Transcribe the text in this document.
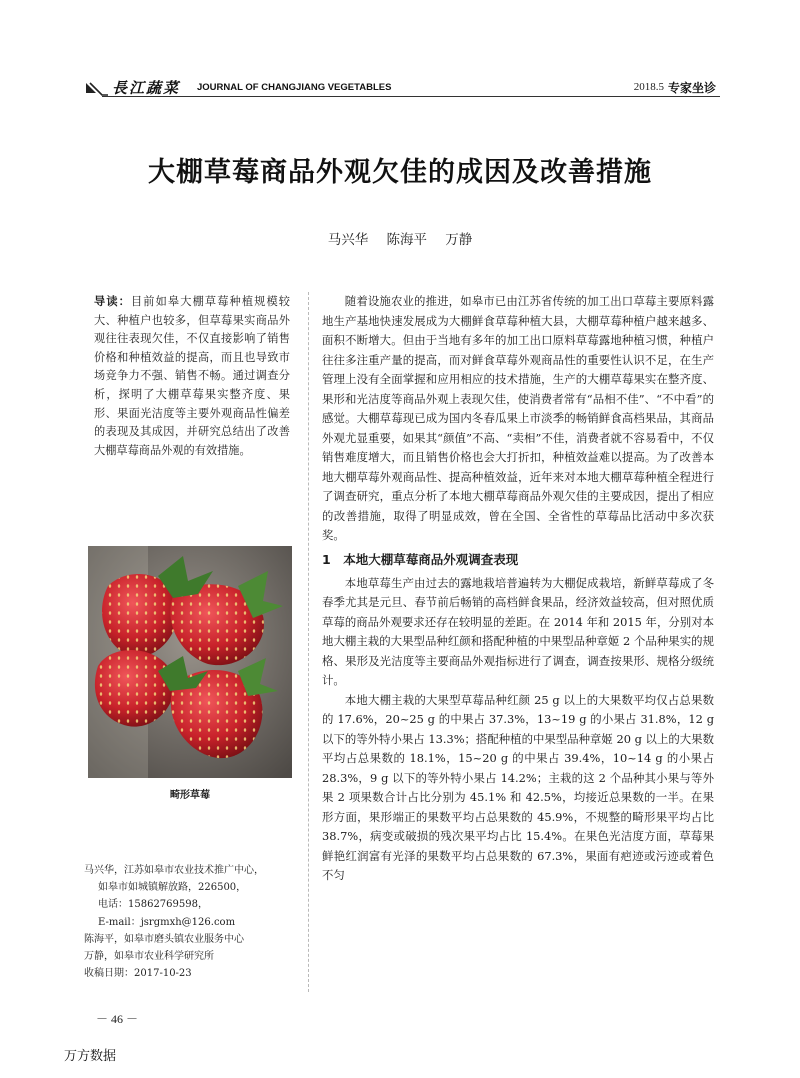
長江蔬菜 JOURNAL OF CHANGJIANG VEGETABLES	2018.5 专家坐诊
大棚草莓商品外观欠佳的成因及改善措施
马兴华 陈海平 万静
导读：目前如皋大棚草莓种植规模较大、种植户也较多，但草莓果实商品外观往往表现欠佳，不仅直接影响了销售价格和种植效益的提高，而且也导致市场竞争力不强、销售不畅。通过调查分析，探明了大棚草莓果实整齐度、果形、果面光洁度等主要外观商品性偏差的表现及其成因，并研究总结出了改善大棚草莓商品外观的有效措施。
畸形草莓
马兴华，江苏如皋市农业技术推广中心，
如皋市如城镇解放路，226500，
电话：15862769598，
E-mail：jsrgmxh@126.com
陈海平，如皋市磨头镇农业服务中心
万静，如皋市农业科学研究所
收稿日期：2017-10-23
－ 46 －
万方数据

随着设施农业的推进，如皋市已由江苏省传统的加工出口草莓主要原料露地生产基地快速发展成为大棚鲜食草莓种植大县，大棚草莓种植户越来越多、面积不断增大。但由于当地有多年的加工出口原料草莓露地种植习惯，种植户往往多注重产量的提高，而对鲜食草莓外观商品性的重要性认识不足，在生产管理上没有全面掌握和应用相应的技术措施，生产的大棚草莓果实在整齐度、果形和光洁度等商品外观上表现欠佳，使消费者常有“品相不佳”、“不中看”的感觉。大棚草莓现已成为国内冬春瓜果上市淡季的畅销鲜食高档果品，其商品外观尤显重要，如果其“颜值”不高、“卖相”不佳，消费者就不容易看中，不仅销售难度增大，而且销售价格也会大打折扣，种植效益难以提高。为了改善本地大棚草莓外观商品性、提高种植效益，近年来对本地大棚草莓种植全程进行了调查研究，重点分析了本地大棚草莓商品外观欠佳的主要成因，提出了相应的改善措施，取得了明显成效，曾在全国、全省性的草莓品比活动中多次获奖。

1　本地大棚草莓商品外观调查表现

本地草莓生产由过去的露地栽培普遍转为大棚促成栽培，新鲜草莓成了冬春季尤其是元旦、春节前后畅销的高档鲜食果品，经济效益较高，但对照优质草莓的商品外观要求还存在较明显的差距。在 2014 年和 2015 年，分别对本地大棚主栽的大果型品种红颜和搭配种植的中果型品种章姬 2 个品种果实的规格、果形及光洁度等主要商品外观指标进行了调查，调查按果形、规格分级统计。

本地大棚主栽的大果型草莓品种红颜 25 g 以上的大果数平均仅占总果数的 17.6%，20~25 g 的中果占 37.3%，13~19 g 的小果占 31.8%，12 g 以下的等外特小果占 13.3%；搭配种植的中果型品种章姬 20 g 以上的大果数平均占总果数的 18.1%，15~20 g 的中果占 39.4%，10~14 g 的小果占 28.3%，9 g 以下的等外特小果占 14.2%；主栽的这 2 个品种其小果与等外果 2 项果数合计占比分别为 45.1% 和 42.5%，均接近总果数的一半。在果形方面，果形端正的果数平均占总果数的 45.9%，不规整的畸形果平均占比 38.7%，病变或破损的残次果平均占比 15.4%。在果色光洁度方面，草莓果鲜艳红润富有光泽的果数平均占总果数的 67.3%，果面有疤迹或污迹或着色不匀
